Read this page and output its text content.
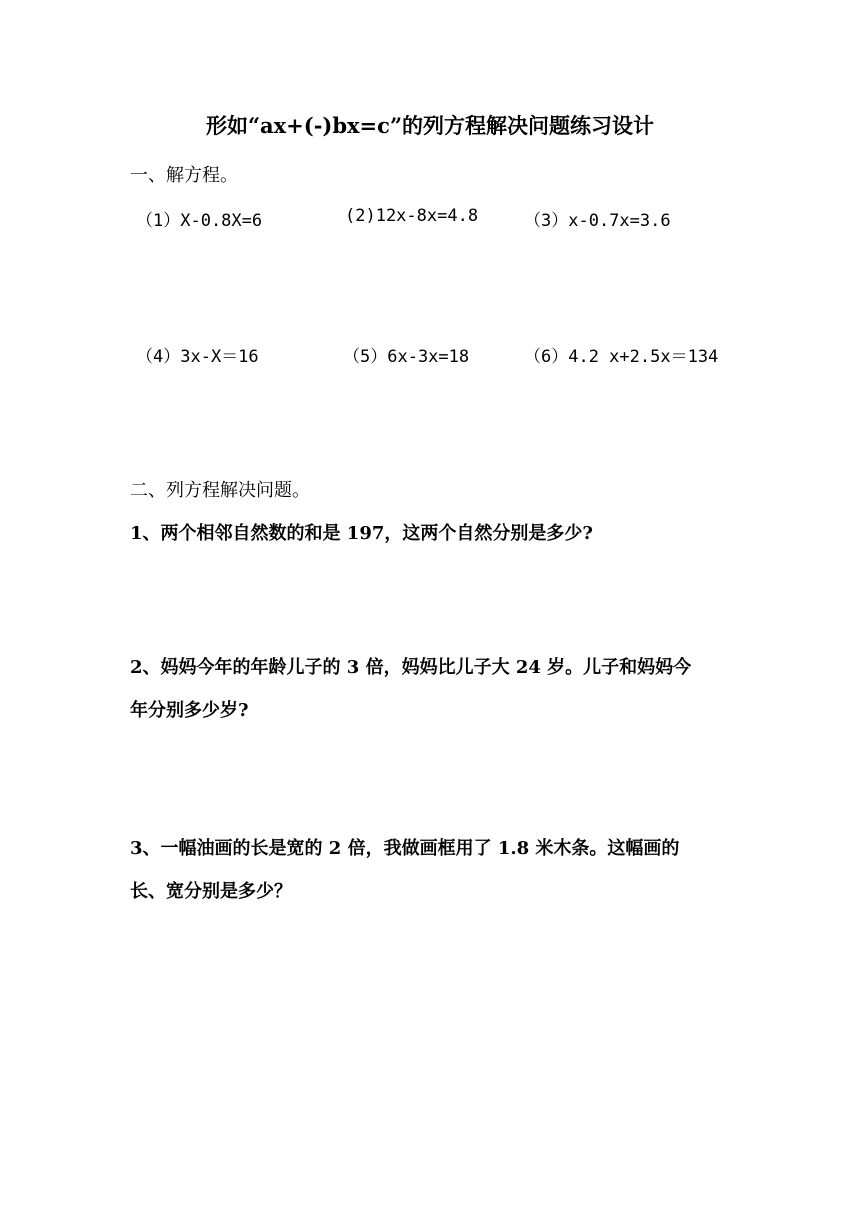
形如“ax+(-)bx=c”的列方程解决问题练习设计
一、解方程。
（1）X-0.8X=6	(2)12x-8x=4.8	（3）x-0.7x=3.6
（4）3x-X＝16	（5）6x-3x=18	（6）4.2 x+2.5x＝134
二、列方程解决问题。
1、两个相邻自然数的和是 197，这两个自然分别是多少?
2、妈妈今年的年龄儿子的 3 倍，妈妈比儿子大 24 岁。儿子和妈妈今
年分别多少岁?
3、一幅油画的长是宽的 2 倍，我做画框用了 1.8 米木条。这幅画的
长、宽分别是多少？
